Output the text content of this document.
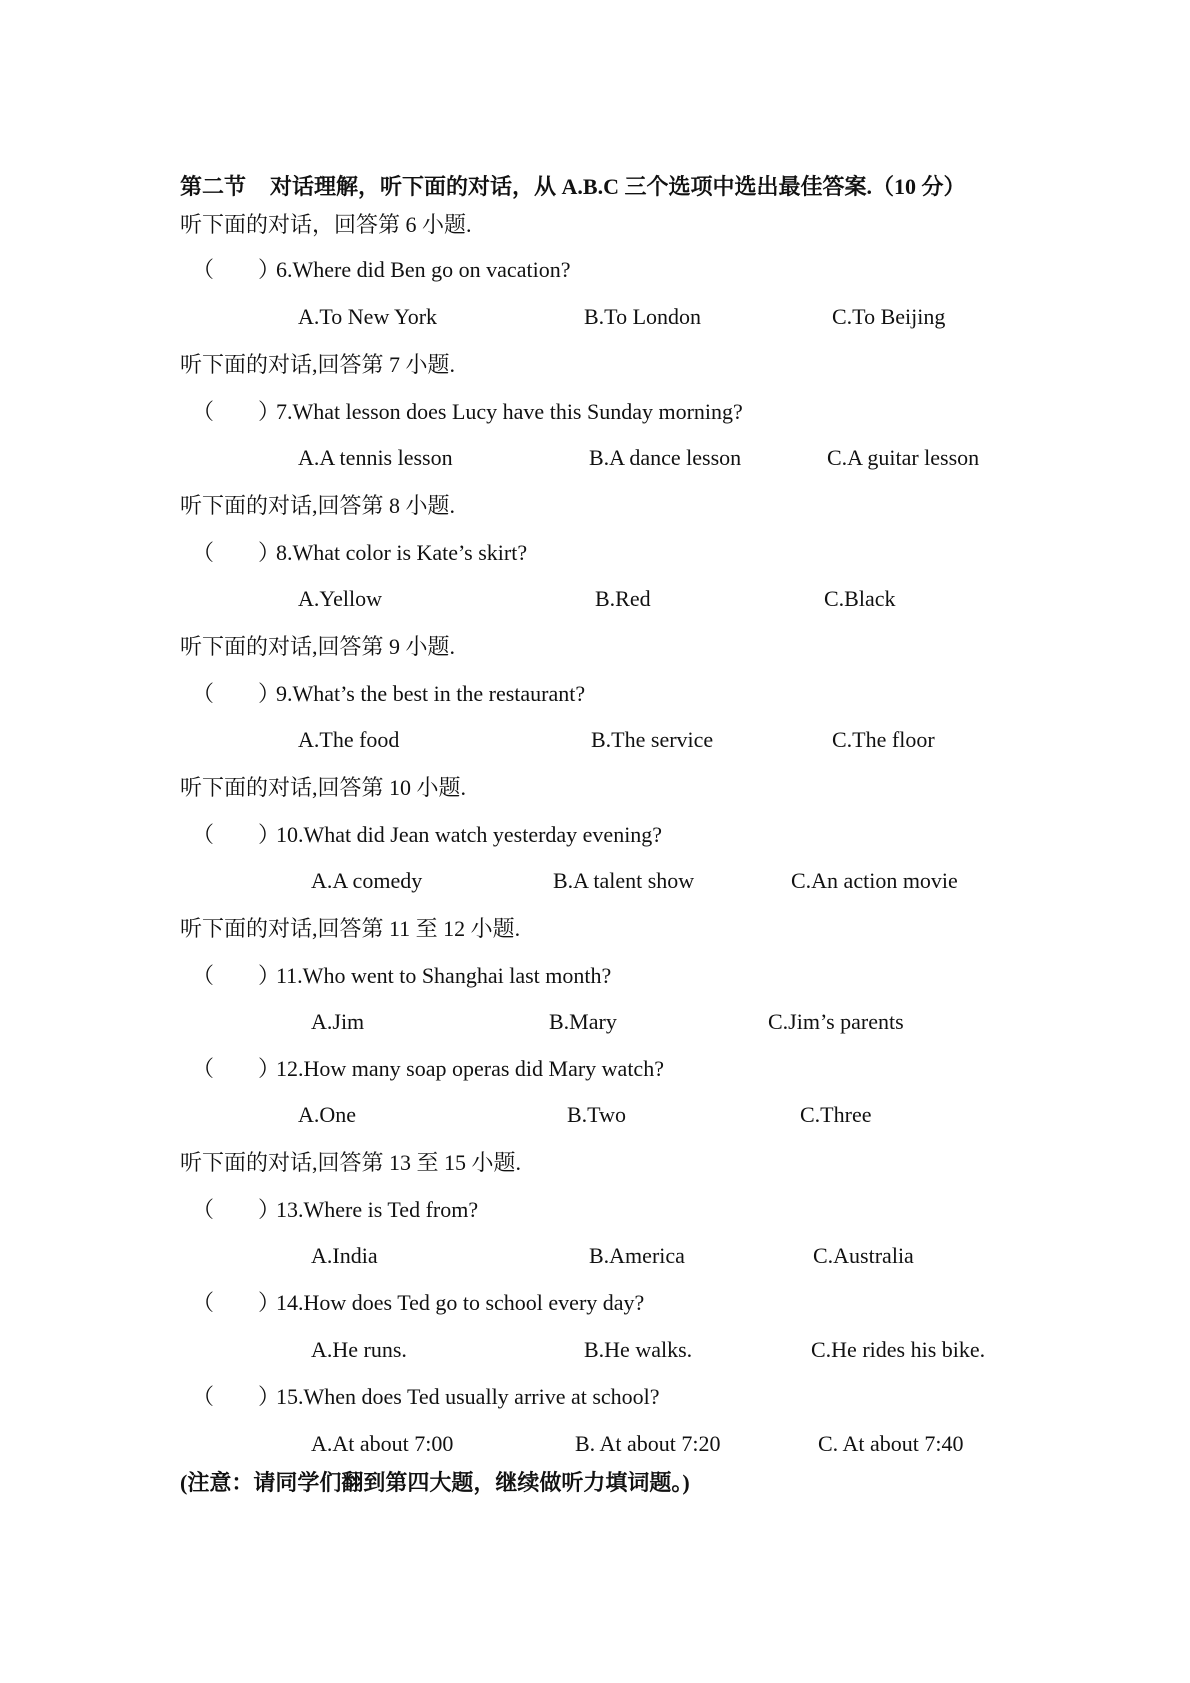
第二节 对话理解，听下面的对话，从 A.B.C 三个选项中选出最佳答案.（10 分）
听下面的对话，回答第 6 小题.
（ ）
6.Where did Ben go on vacation?
A.To New York	B.To London	C.To Beijing
听下面的对话,回答第 7 小题.
（ ）
7.What lesson does Lucy have this Sunday morning?
A.A tennis lesson	B.A dance lesson	C.A guitar lesson
听下面的对话,回答第 8 小题.
（ ）
8.What color is Kate’s skirt?
A.Yellow	B.Red	C.Black
听下面的对话,回答第 9 小题.
（ ）
9.What’s the best in the restaurant?
A.The food	B.The service	C.The floor
听下面的对话,回答第 10 小题.
（ ）
10.What did Jean watch yesterday evening?
A.A comedy	B.A talent show	C.An action movie
听下面的对话,回答第 11 至 12 小题.
（ ）
11.Who went to Shanghai last month?
A.Jim	B.Mary	C.Jim’s parents
（ ）
12.How many soap operas did Mary watch?
A.One	B.Two	C.Three
听下面的对话,回答第 13 至 15 小题.
（ ）
13.Where is Ted from?
A.India	B.America	C.Australia
（ ）
14.How does Ted go to school every day?
A.He runs.	B.He walks.	C.He rides his bike.
（ ）
15.When does Ted usually arrive at school?
A.At about 7:00	B. At about 7:20	C. At about 7:40
(注意：请同学们翻到第四大题，继续做听力填词题。)
